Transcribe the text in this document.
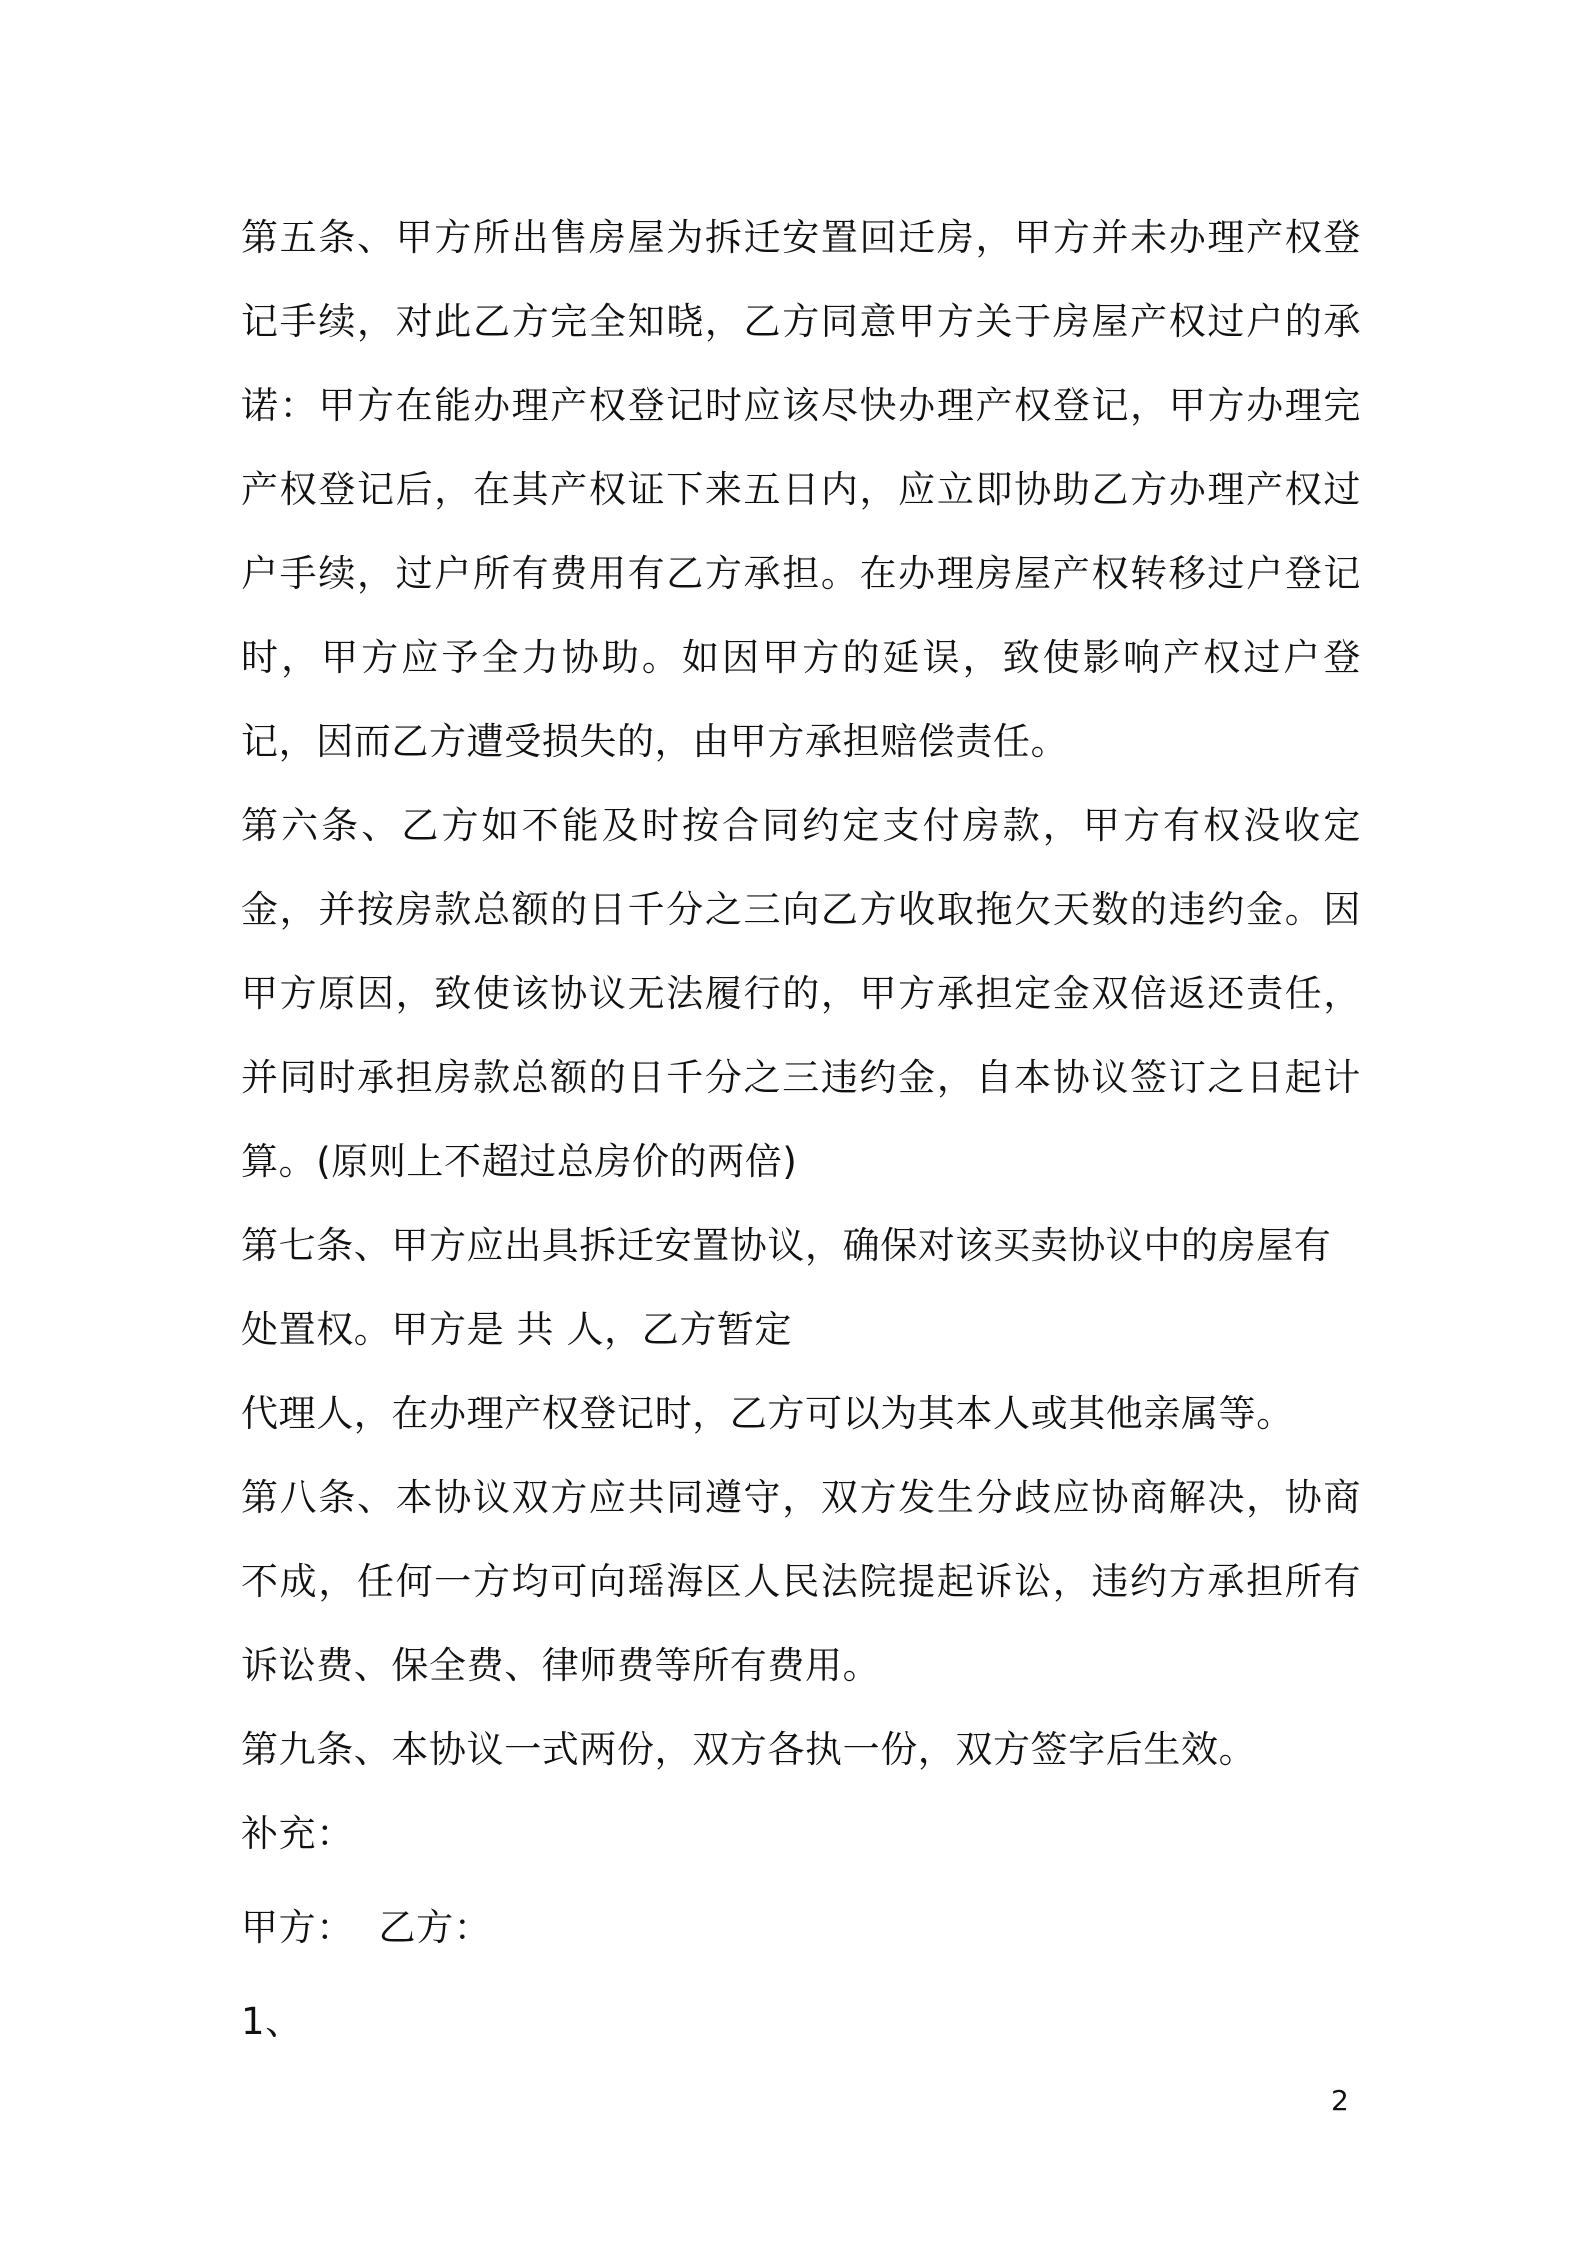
第五条、甲方所出售房屋为拆迁安置回迁房，甲方并未办理产权登记手续，对此乙方完全知晓，乙方同意甲方关于房屋产权过户的承诺：甲方在能办理产权登记时应该尽快办理产权登记，甲方办理完产权登记后，在其产权证下来五日内，应立即协助乙方办理产权过户手续，过户所有费用有乙方承担。在办理房屋产权转移过户登记时，甲方应予全力协助。如因甲方的延误，致使影响产权过户登记，因而乙方遭受损失的，由甲方承担赔偿责任。

第六条、乙方如不能及时按合同约定支付房款，甲方有权没收定金，并按房款总额的日千分之三向乙方收取拖欠天数的违约金。因甲方原因，致使该协议无法履行的，甲方承担定金双倍返还责任，并同时承担房款总额的日千分之三违约金，自本协议签订之日起计算。(原则上不超过总房价的两倍)

第七条、甲方应出具拆迁安置协议，确保对该买卖协议中的房屋有处置权。甲方是 共 人，乙方暂定

代理人，在办理产权登记时，乙方可以为其本人或其他亲属等。

第八条、本协议双方应共同遵守，双方发生分歧应协商解决，协商不成，任何一方均可向瑶海区人民法院提起诉讼，违约方承担所有诉讼费、保全费、律师费等所有费用。

第九条、本协议一式两份，双方各执一份，双方签字后生效。

补充：

甲方：  乙方：

1、

2
